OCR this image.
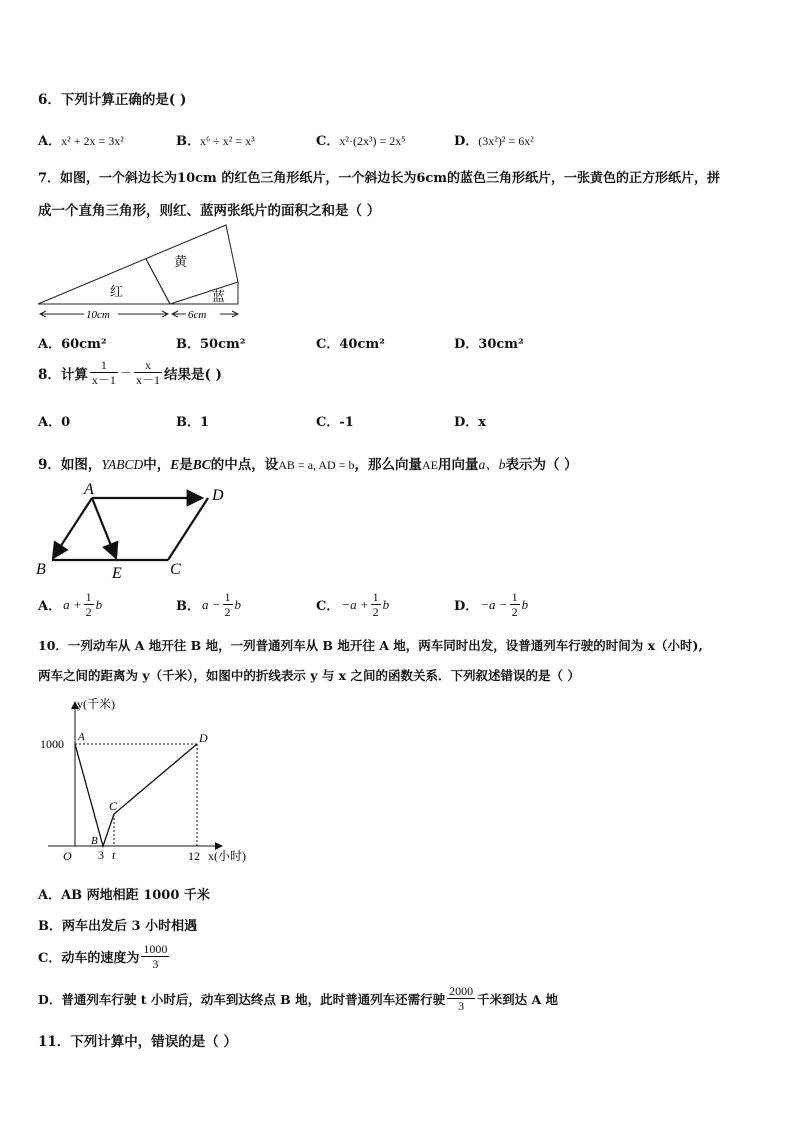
6．下列计算正确的是( )
A．x² + 2x = 3x²	B．x⁶ ÷ x² = x³	C．x²·(2x³) = 2x⁵	D．(3x²)² = 6x²
7．如图，一个斜边长为10cm 的红色三角形纸片，一个斜边长为6cm的蓝色三角形纸片，一张黄色的正方形纸片，拼
成一个直角三角形，则红、蓝两张纸片的面积之和是（ ）
黄
红	蓝
10cm	6cm
A．60cm²	B．50cm²	C．40cm²	D．30cm²
8．计算 $\frac{1}{x-1} - \frac{x}{x-1}$ 结果是( )
A．0	B．1	C．-1	D．x
9．如图，YABCD中，E是BC的中点，设AB = a, AD = b，那么向量AE用向量a、b表示为（ ）
A	D
B	E	C
A． $a + \frac{1}{2}$ b	B． $a - \frac{1}{2}$ b	C． $-a + \frac{1}{2}$ b	D． $-a - \frac{1}{2}$ b
10．一列动车从 A 地开往 B 地，一列普通列车从 B 地开往 A 地，两车同时出发，设普通列车行驶的时间为 x（小时),
两车之间的距离为 y（千米），如图中的折线表示 y 与 x 之间的函数关系．下列叙述错误的是（ ）
y(千米)
1000 A	D
C
B
O 3 t	12 x(小时)
A．AB 两地相距 1000 千米
B．两车出发后 3 小时相遇
C．动车的速度为 $\frac{1000}{3}$
D．普通列车行驶 t 小时后，动车到达终点 B 地，此时普通列车还需行驶 $\frac{2000}{3}$ 千米到达 A 地
11．下列计算中，错误的是（ ）
